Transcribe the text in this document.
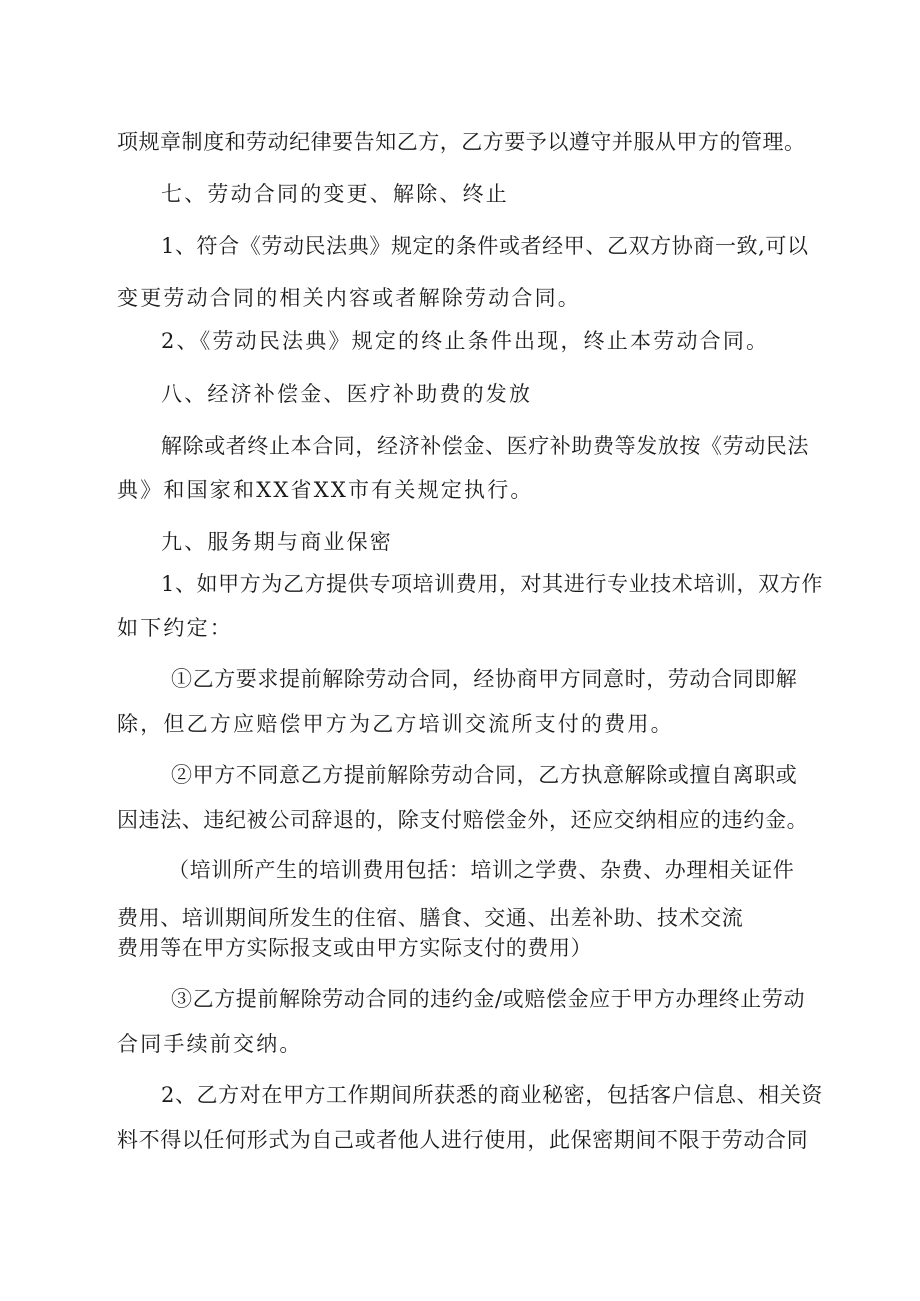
项规章制度和劳动纪律要告知乙方，乙方要予以遵守并服从甲方的管理。
七、劳动合同的变更、解除、终止
1、符合《劳动民法典》规定的条件或者经甲、乙双方协商一致,可以
变更劳动合同的相关内容或者解除劳动合同。
2、《劳动民法典》规定的终止条件出现，终止本劳动合同。
八、经济补偿金、医疗补助费的发放
解除或者终止本合同，经济补偿金、医疗补助费等发放按《劳动民法
典》和国家和XX省XX市有关规定执行。
九、服务期与商业保密
1、如甲方为乙方提供专项培训费用，对其进行专业技术培训，双方作
如下约定：
①乙方要求提前解除劳动合同，经协商甲方同意时，劳动合同即解
除，但乙方应赔偿甲方为乙方培训交流所支付的费用。
②甲方不同意乙方提前解除劳动合同，乙方执意解除或擅自离职或
因违法、违纪被公司辞退的，除支付赔偿金外，还应交纳相应的违约金。
（培训所产生的培训费用包括：培训之学费、杂费、办理相关证件
费用、培训期间所发生的住宿、膳食、交通、出差补助、技术交流
费用等在甲方实际报支或由甲方实际支付的费用）
③乙方提前解除劳动合同的违约金/或赔偿金应于甲方办理终止劳动
合同手续前交纳。
2、乙方对在甲方工作期间所获悉的商业秘密，包括客户信息、相关资
料不得以任何形式为自己或者他人进行使用，此保密期间不限于劳动合同
